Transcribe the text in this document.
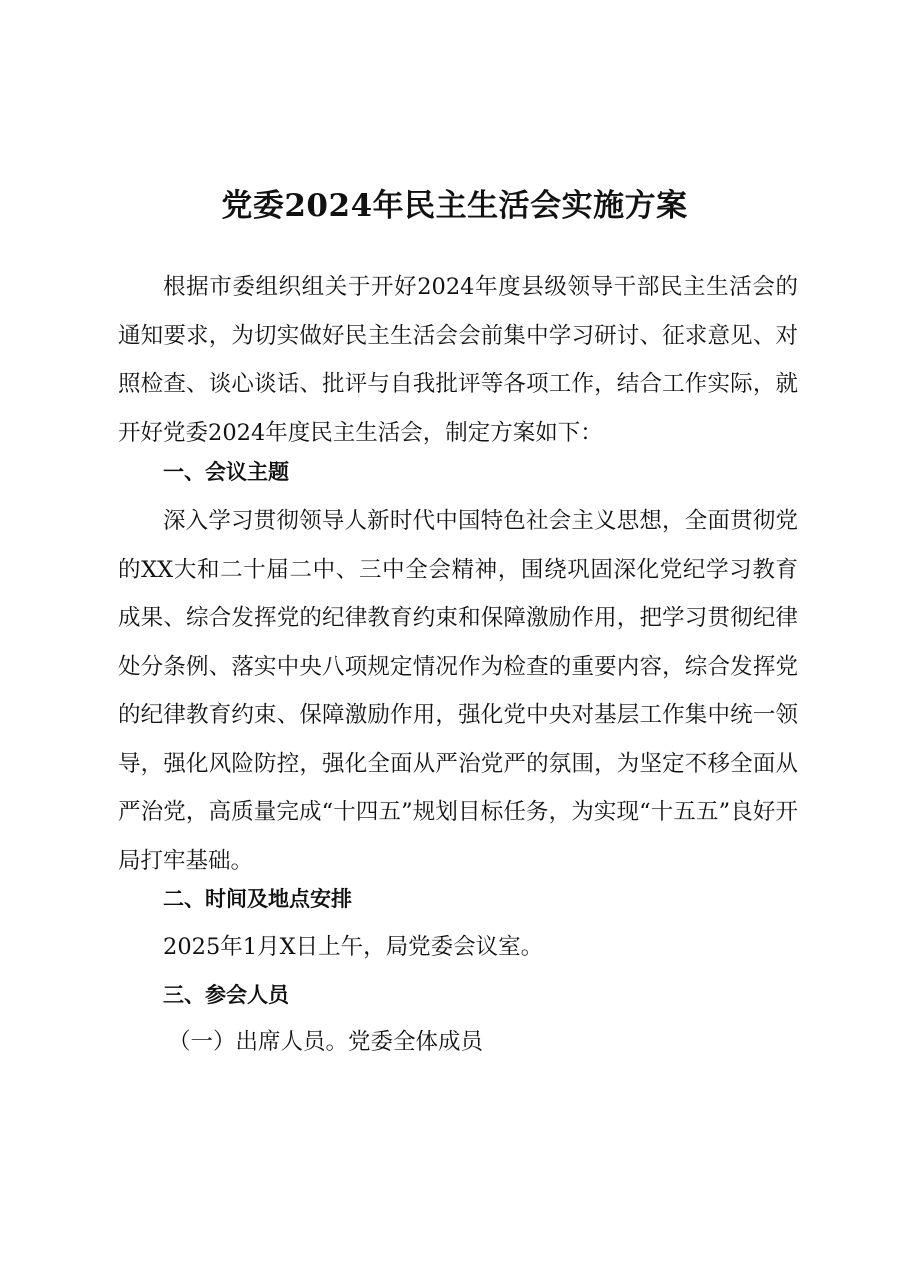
党委2024年民主生活会实施方案

根据市委组织组关于开好2024年度县级领导干部民主生活会的通知要求，为切实做好民主生活会会前集中学习研讨、征求意见、对照检查、谈心谈话、批评与自我批评等各项工作，结合工作实际，就开好党委2024年度民主生活会，制定方案如下：

一、会议主题

深入学习贯彻领导人新时代中国特色社会主义思想，全面贯彻党的XX大和二十届二中、三中全会精神，围绕巩固深化党纪学习教育成果、综合发挥党的纪律教育约束和保障激励作用，把学习贯彻纪律处分条例、落实中央八项规定情况作为检查的重要内容，综合发挥党的纪律教育约束、保障激励作用，强化党中央对基层工作集中统一领导，强化风险防控，强化全面从严治党严的氛围，为坚定不移全面从严治党，高质量完成“十四五”规划目标任务，为实现“十五五”良好开局打牢基础。

二、时间及地点安排
2025年1月X日上午，局党委会议室。
三、参会人员
（一）出席人员。党委全体成员
